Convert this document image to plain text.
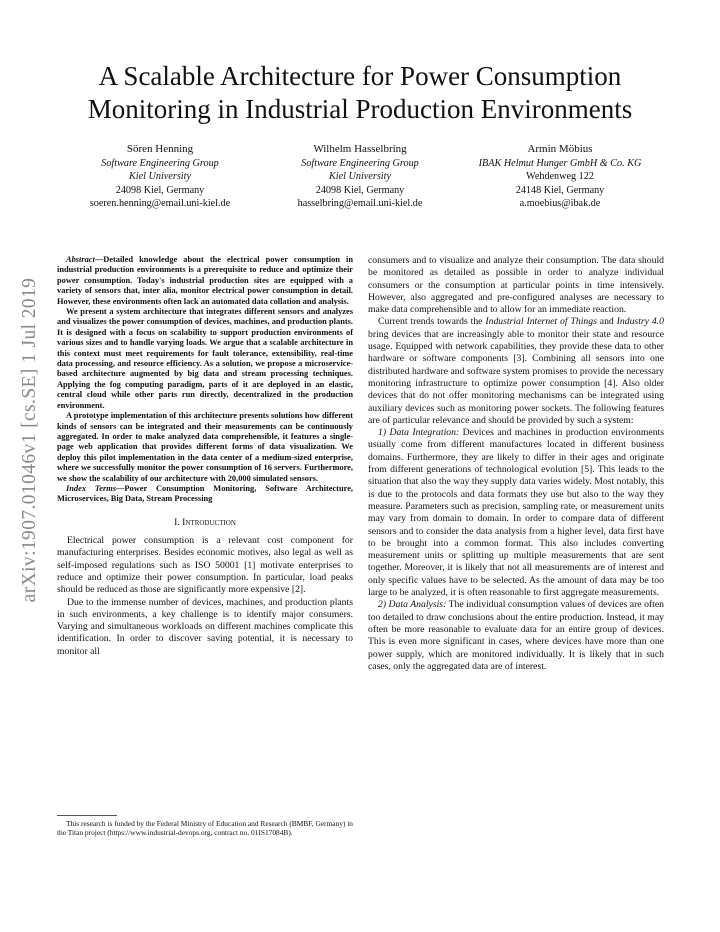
A Scalable Architecture for Power Consumption Monitoring in Industrial Production Environments
Sören Henning
Software Engineering Group
Kiel University
24098 Kiel, Germany
soeren.henning@email.uni-kiel.de
Wilhelm Hasselbring
Software Engineering Group
Kiel University
24098 Kiel, Germany
hasselbring@email.uni-kiel.de
Armin Möbius
IBAK Helmut Hunger GmbH & Co. KG
Wehdenweg 122
24148 Kiel, Germany
a.moebius@ibak.de
arXiv:1907.01046v1 [cs.SE] 1 Jul 2019

Abstract—Detailed knowledge about the electrical power consumption in industrial production environments is a prerequisite to reduce and optimize their power consumption. Today's industrial production sites are equipped with a variety of sensors that, inter alia, monitor electrical power consumption in detail. However, these environments often lack an automated data collation and analysis.

We present a system architecture that integrates different sensors and analyzes and visualizes the power consumption of devices, machines, and production plants. It is designed with a focus on scalability to support production environments of various sizes and to handle varying loads. We argue that a scalable architecture in this context must meet requirements for fault tolerance, extensibility, real-time data processing, and resource efficiency. As a solution, we propose a microservice-based architecture augmented by big data and stream processing techniques. Applying the fog computing paradigm, parts of it are deployed in an elastic, central cloud while other parts run directly, decentralized in the production environment.

A prototype implementation of this architecture presents solutions how different kinds of sensors can be integrated and their measurements can be continuously aggregated. In order to make analyzed data comprehensible, it features a single-page web application that provides different forms of data visualization. We deploy this pilot implementation in the data center of a medium-sized enterprise, where we successfully monitor the power consumption of 16 servers. Furthermore, we show the scalability of our architecture with 20,000 simulated sensors.

Index Terms—Power Consumption Monitoring, Software Architecture, Microservices, Big Data, Stream Processing

I. Introduction

Electrical power consumption is a relevant cost component for manufacturing enterprises. Besides economic motives, also legal as well as self-imposed regulations such as ISO 50001 [1] motivate enterprises to reduce and optimize their power consumption. In particular, load peaks should be reduced as those are significantly more expensive [2].

Due to the immense number of devices, machines, and production plants in such environments, a key challenge is to identify major consumers. Varying and simultaneous workloads on different machines complicate this identification. In order to discover saving potential, it is necessary to monitor all

This research is funded by the Federal Ministry of Education and Research (BMBF, Germany) in the Titan project (https://www.industrial-devops.org, contract no. 01IS17084B).

consumers and to visualize and analyze their consumption. The data should be monitored as detailed as possible in order to analyze individual consumers or the consumption at particular points in time intensively. However, also aggregated and pre-configured analyses are necessary to make data comprehensible and to allow for an immediate reaction.

Current trends towards the Industrial Internet of Things and Industry 4.0 bring devices that are increasingly able to monitor their state and resource usage. Equipped with network capabilities, they provide these data to other hardware or software components [3]. Combining all sensors into one distributed hardware and software system promises to provide the necessary monitoring infrastructure to optimize power consumption [4]. Also older devices that do not offer monitoring mechanisms can be integrated using auxiliary devices such as monitoring power sockets. The following features are of particular relevance and should be provided by such a system:

1) Data Integration: Devices and machines in production environments usually come from different manufactures located in different business domains. Furthermore, they are likely to differ in their ages and originate from different generations of technological evolution [5]. This leads to the situation that also the way they supply data varies widely. Most notably, this is due to the protocols and data formats they use but also to the way they measure. Parameters such as precision, sampling rate, or measurement units may vary from domain to domain. In order to compare data of different sensors and to consider the data analysis from a higher level, data first have to be brought into a common format. This also includes converting measurement units or splitting up multiple measurements that are sent together. Moreover, it is likely that not all measurements are of interest and only specific values have to be selected. As the amount of data may be too large to be analyzed, it is often reasonable to first aggregate measurements.

2) Data Analysis: The individual consumption values of devices are often too detailed to draw conclusions about the entire production. Instead, it may often be more reasonable to evaluate data for an entire group of devices. This is even more significant in cases, where devices have more than one power supply, which are monitored individually. It is likely that in such cases, only the aggregated data are of interest.
